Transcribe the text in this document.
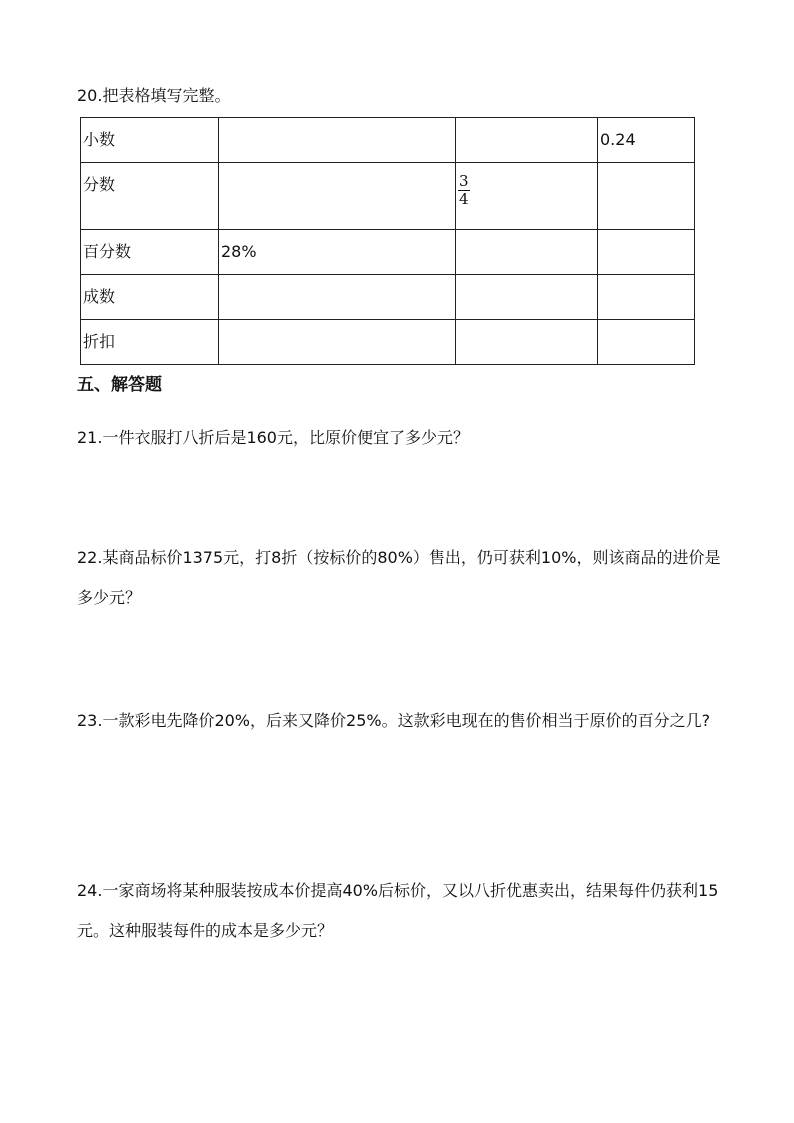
20.把表格填写完整。
小数			0.24

分数		$\frac{3}{4}$

百分数	28%		

成数			

折扣			

五、解答题
21.一件衣服打八折后是160元，比原价便宜了多少元？
22.某商品标价1375元，打8折（按标价的80%）售出，仍可获利10%，则该商品的进价是多少元？
23.一款彩电先降价20%，后来又降价25%。这款彩电现在的售价相当于原价的百分之几?
24.一家商场将某种服装按成本价提高40%后标价，又以八折优惠卖出，结果每件仍获利15元。这种服装每件的成本是多少元？
